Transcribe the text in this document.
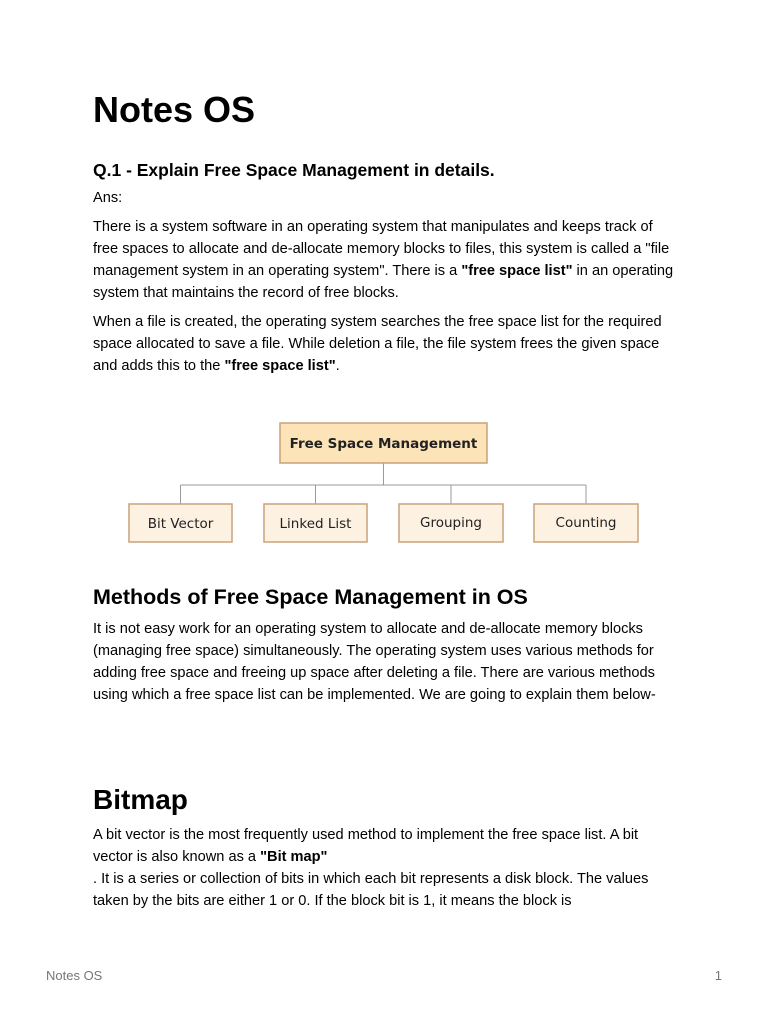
Notes OS
Q.1 - Explain Free Space Management in details.

Ans:

There is a system software in an operating system that manipulates and keeps track of free spaces to allocate and de-allocate memory blocks to files, this system is called a "file management system in an operating system". There is a "free space list" in an operating system that maintains the record of free blocks.

When a file is created, the operating system searches the free space list for the required space allocated to save a file. While deletion a file, the file system frees the given space and adds this to the "free space list".

Methods of Free Space Management in OS

It is not easy work for an operating system to allocate and de-allocate memory blocks (managing free space) simultaneously. The operating system uses various methods for adding free space and freeing up space after deleting a file. There are various methods using which a free space list can be implemented. We are going to explain them below-

Bitmap

A bit vector is the most frequently used method to implement the free space list. A bit vector is also known as a "Bit map"

. It is a series or collection of bits in which each bit represents a disk block. The values taken by the bits are either 1 or 0. If the block bit is 1, it means the block is

Free Space Management
Bit Vector	Linked List	Grouping	Counting
Notes OS	1
